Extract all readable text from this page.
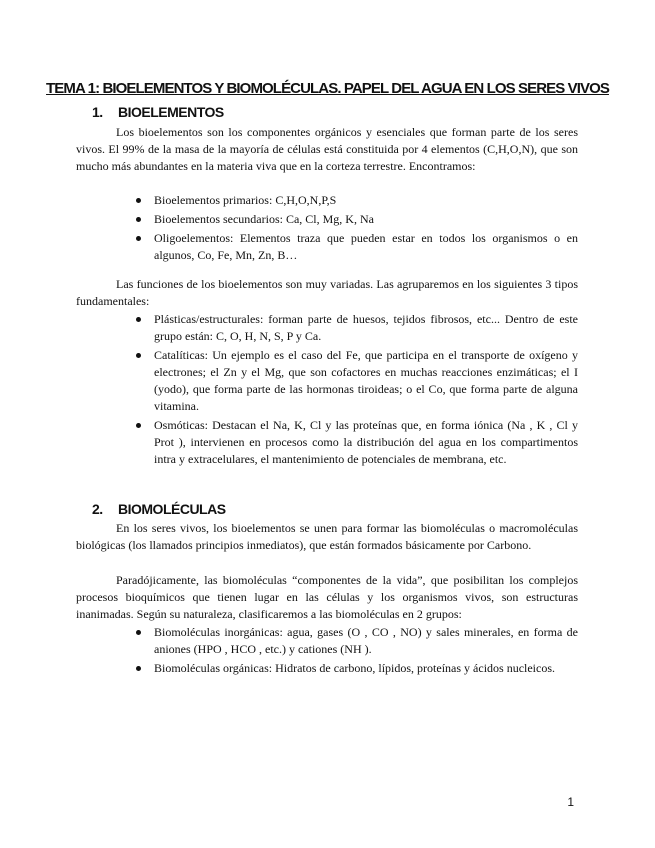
TEMA 1: BIOELEMENTOS Y BIOMOLÉCULAS. PAPEL DEL AGUA EN LOS SERES VIVOS
1. BIOELEMENTOS

Los bioelementos son los componentes orgánicos y esenciales que forman parte de los seres vivos. El 99% de la masa de la mayoría de células está constituida por 4 elementos (C,H,O,N), que son mucho más abundantes en la materia viva que en la corteza terrestre. Encontramos:

Bioelementos primarios: C,H,O,N,P,S
Bioelementos secundarios: Ca, Cl, Mg, K, Na
Oligoelementos: Elementos traza que pueden estar en todos los organismos o en algunos, Co, Fe, Mn, Zn, B…

Las funciones de los bioelementos son muy variadas. Las agruparemos en los siguientes 3 tipos fundamentales:

Plásticas/estructurales: forman parte de huesos, tejidos fibrosos, etc... Dentro de este grupo están: C, O, H, N, S, P y Ca.
Catalíticas: Un ejemplo es el caso del Fe, que participa en el transporte de oxígeno y electrones; el Zn y el Mg, que son cofactores en muchas reacciones enzimáticas; el I (yodo), que forma parte de las hormonas tiroideas; o el Co, que forma parte de alguna vitamina.
Osmóticas: Destacan el Na, K, Cl y las proteínas que, en forma iónica (Na , K , Cl y Prot ), intervienen en procesos como la distribución del agua en los compartimentos intra y extracelulares, el mantenimiento de potenciales de membrana, etc.
2. BIOMOLÉCULAS

En los seres vivos, los bioelementos se unen para formar las biomoléculas o macromoléculas biológicas (los llamados principios inmediatos), que están formados básicamente por Carbono.

Paradójicamente, las biomoléculas “componentes de la vida”, que posibilitan los complejos procesos bioquímicos que tienen lugar en las células y los organismos vivos, son estructuras inanimadas. Según su naturaleza, clasificaremos a las biomoléculas en 2 grupos:

Biomoléculas inorgánicas: agua, gases (O , CO , NO) y sales minerales, en forma de aniones (HPO , HCO , etc.) y cationes (NH ).
Biomoléculas orgánicas: Hidratos de carbono, lípidos, proteínas y ácidos nucleicos.
1
